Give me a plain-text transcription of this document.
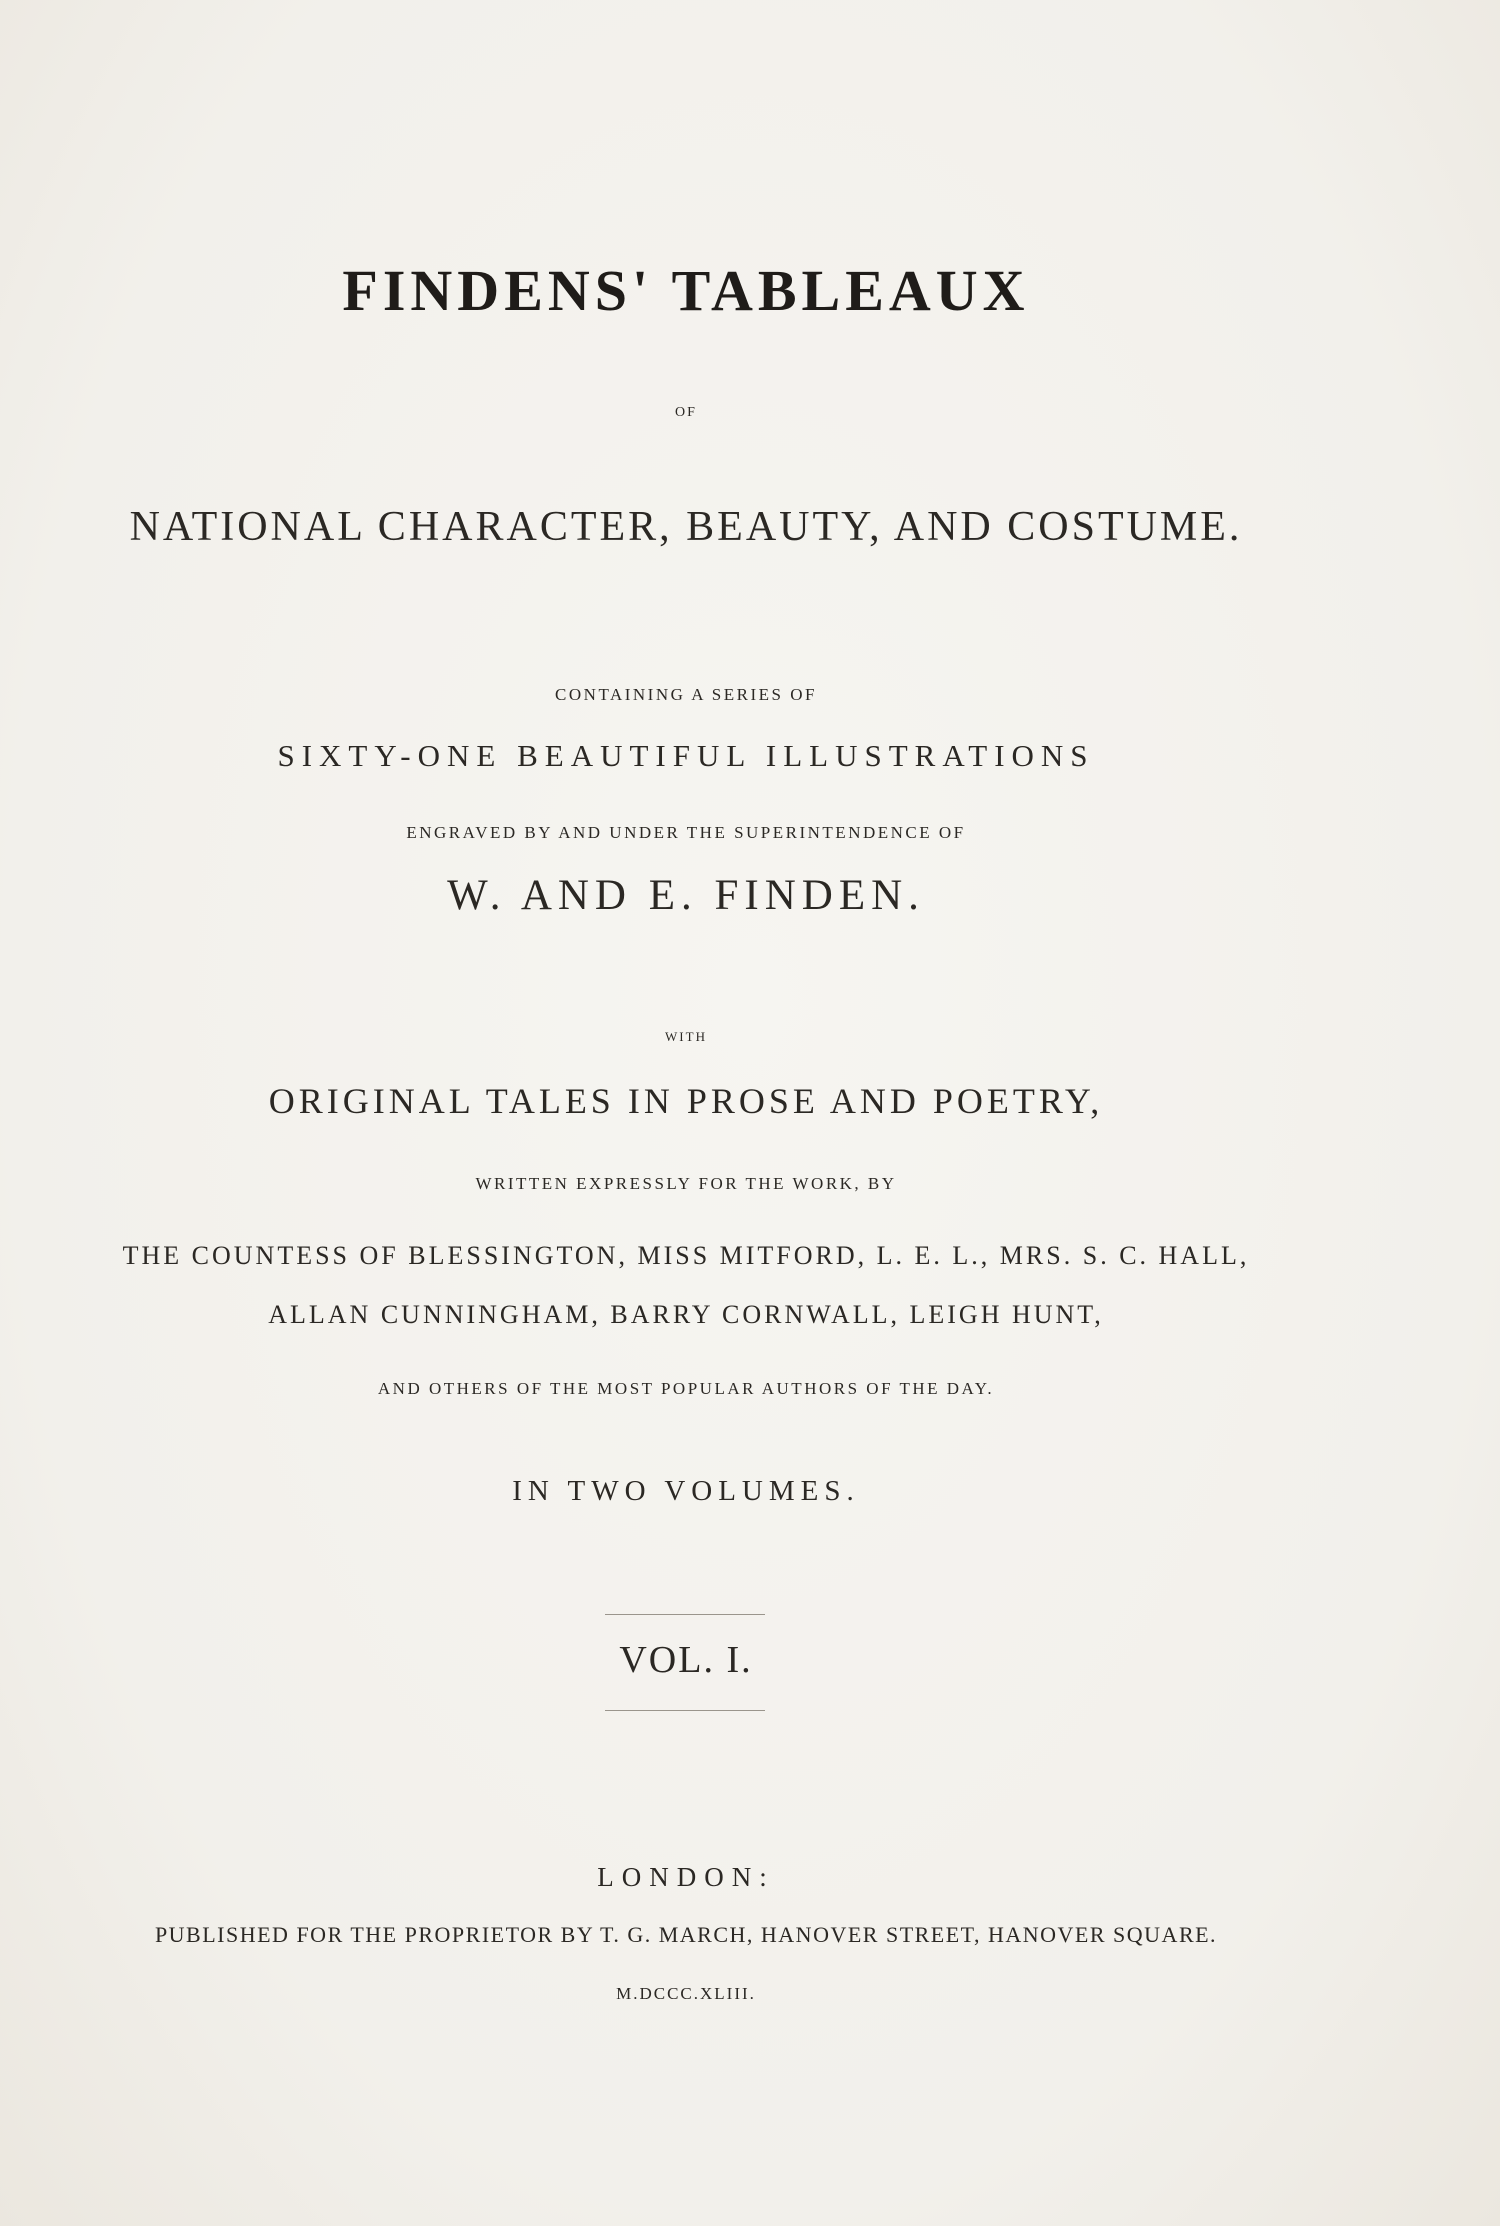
FINDENS' TABLEAUX
OF
NATIONAL CHARACTER, BEAUTY, AND COSTUME.
CONTAINING A SERIES OF
SIXTY-ONE BEAUTIFUL ILLUSTRATIONS
ENGRAVED BY AND UNDER THE SUPERINTENDENCE OF
W. AND E. FINDEN.
WITH
ORIGINAL TALES IN PROSE AND POETRY,
WRITTEN EXPRESSLY FOR THE WORK, BY
THE COUNTESS OF BLESSINGTON, MISS MITFORD, L. E. L., MRS. S. C. HALL,
ALLAN CUNNINGHAM, BARRY CORNWALL, LEIGH HUNT,
AND OTHERS OF THE MOST POPULAR AUTHORS OF THE DAY.
IN TWO VOLUMES.
VOL. I.
LONDON:
PUBLISHED FOR THE PROPRIETOR BY T. G. MARCH, HANOVER STREET, HANOVER SQUARE.
M.DCCC.XLIII.
